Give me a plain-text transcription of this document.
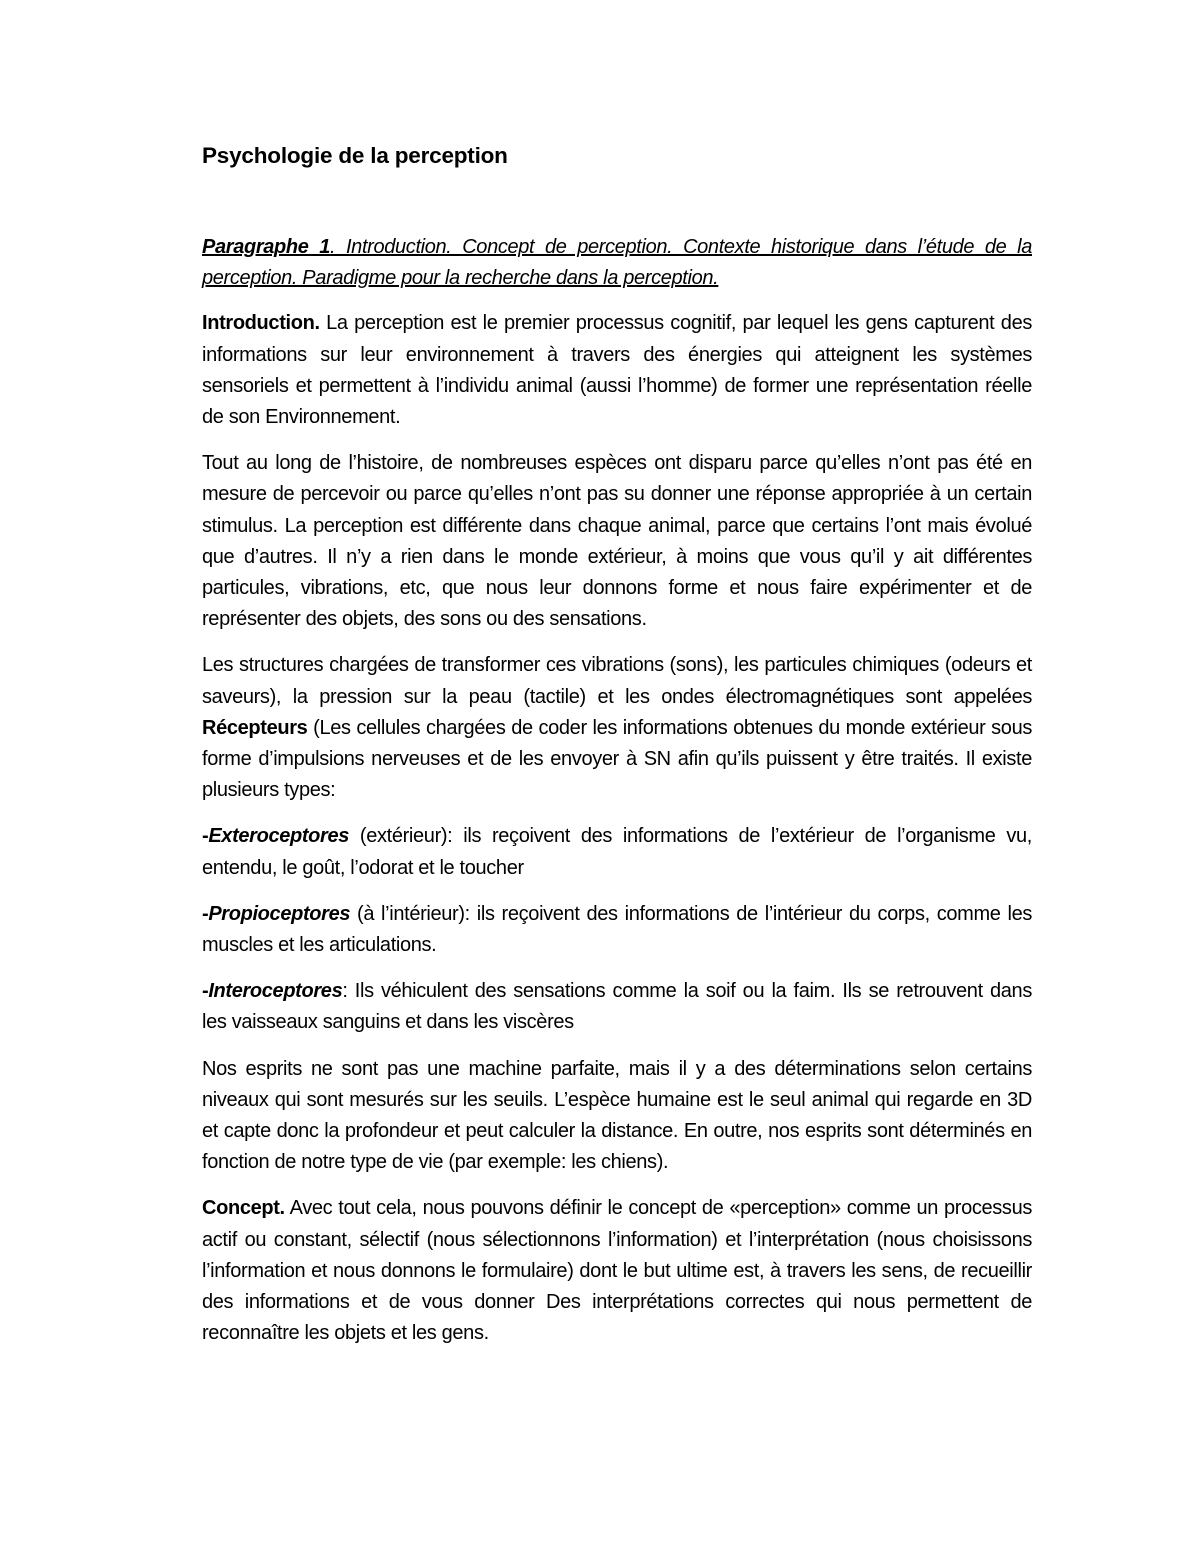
Psychologie de la perception

Paragraphe 1. Introduction. Concept de perception. Contexte historique dans l’étude de la perception. Paradigme pour la recherche dans la perception.

Introduction. La perception est le premier processus cognitif, par lequel les gens capturent des informations sur leur environnement à travers des énergies qui atteignent les systèmes sensoriels et permettent à l’individu animal (aussi l’homme) de former une représentation réelle de son Environnement.

Tout au long de l’histoire, de nombreuses espèces ont disparu parce qu’elles n’ont pas été en mesure de percevoir ou parce qu’elles n’ont pas su donner une réponse appropriée à un certain stimulus. La perception est différente dans chaque animal, parce que certains l’ont mais évolué que d’autres. Il n’y a rien dans le monde extérieur, à moins que vous qu’il y ait différentes particules, vibrations, etc, que nous leur donnons forme et nous faire expérimenter et de représenter des objets, des sons ou des sensations.

Les structures chargées de transformer ces vibrations (sons), les particules chimiques (odeurs et saveurs), la pression sur la peau (tactile) et les ondes électromagnétiques sont appelées Récepteurs (Les cellules chargées de coder les informations obtenues du monde extérieur sous forme d’impulsions nerveuses et de les envoyer à SN afin qu’ils puissent y être traités. Il existe plusieurs types:

-Exteroceptores (extérieur): ils reçoivent des informations de l’extérieur de l’organisme vu, entendu, le goût, l’odorat et le toucher

-Propioceptores (à l’intérieur): ils reçoivent des informations de l’intérieur du corps, comme les muscles et les articulations.

-Interoceptores: Ils véhiculent des sensations comme la soif ou la faim. Ils se retrouvent dans les vaisseaux sanguins et dans les viscères

Nos esprits ne sont pas une machine parfaite, mais il y a des déterminations selon certains niveaux qui sont mesurés sur les seuils. L’espèce humaine est le seul animal qui regarde en 3D et capte donc la profondeur et peut calculer la distance. En outre, nos esprits sont déterminés en fonction de notre type de vie (par exemple: les chiens).

Concept. Avec tout cela, nous pouvons définir le concept de «perception» comme un processus actif ou constant, sélectif (nous sélectionnons l’information) et l’interprétation (nous choisissons l’information et nous donnons le formulaire) dont le but ultime est, à travers les sens, de recueillir des informations et de vous donner Des interprétations correctes qui nous permettent de reconnaître les objets et les gens.
